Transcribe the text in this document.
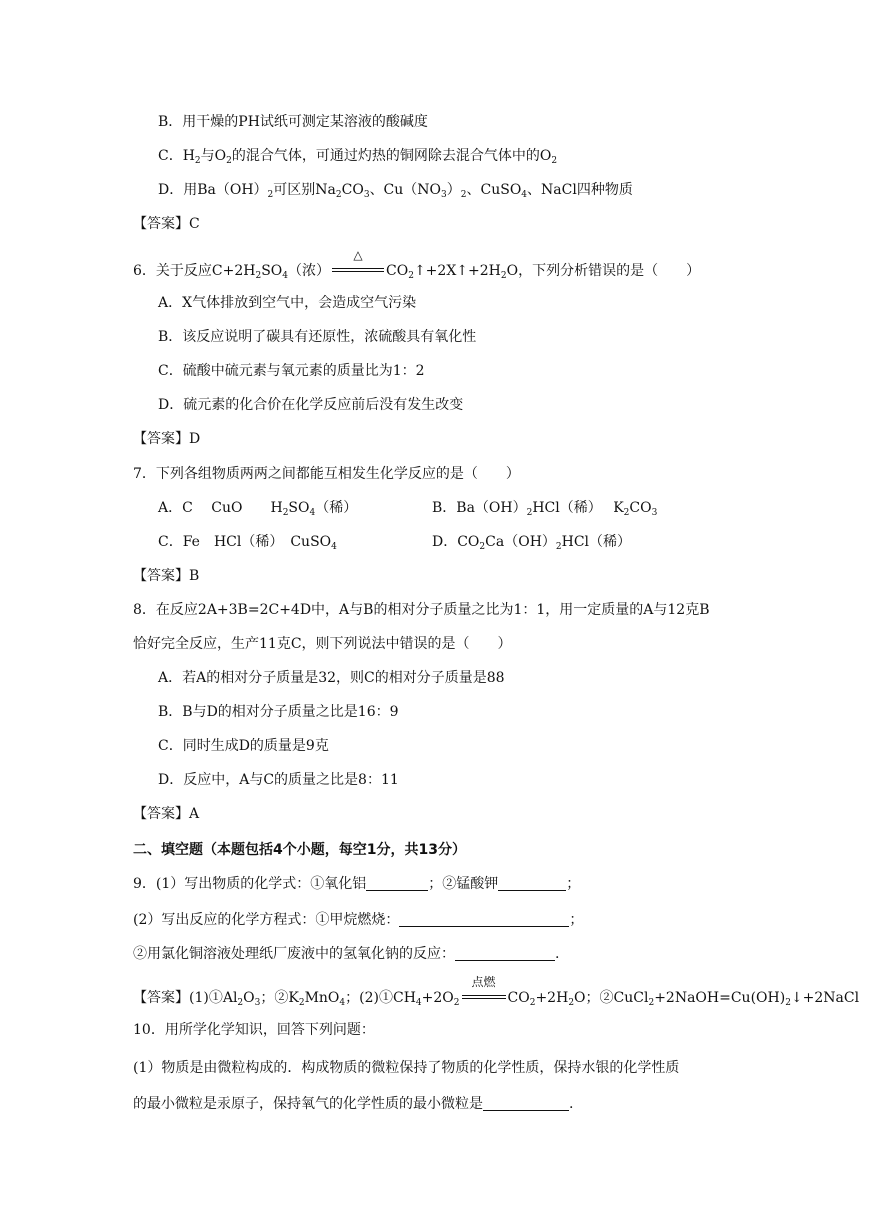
B．用干燥的PH试纸可测定某溶液的酸碱度
C．$H_2$与$O_2$的混合气体，可通过灼热的铜网除去混合气体中的$O_2$
D．用$Ba(OH)_2$可区别$Na_2CO_3$、$Cu(NO_3)_2$、CuSO$_4$、NaCl四种物质
【答案】C
6．关于反应$C+2H_2SO_4$（浓）
△
$CO_2↑+2X↑+2H_2O$，下列分析错误的是（　　）
A．X气体排放到空气中，会造成空气污染
B．该反应说明了碳具有还原性，浓硫酸具有氧化性
C．硫酸中硫元素与氧元素的质量比为1：2
D．硫元素的化合价在化学反应前后没有发生改变
【答案】D
7．下列各组物质两两之间都能互相发生化学反应的是（　　）
A．C　 CuO　　$H_2SO_4$（稀）	B．$Ba(OH)_2HCl$（稀）　 $K_2CO_3$
C．Fe　HCl（稀）　CuSO$_4$	D．$CO_2Ca(OH)_2HCl$（稀）
【答案】B
8．在反应2A+3B=2C+4D中，A与B的相对分子质量之比为1：1，用一定质量的A与12克B
恰好完全反应，生产11克C，则下列说法中错误的是（　　）
A．若A的相对分子质量是32，则C的相对分子质量是88
B．B与D的相对分子质量之比是16：9
C．同时生成D的质量是9克
D．反应中，A与C的质量之比是8：11
【答案】A
二、填空题（本题包括4个小题，每空1分，共13分）
9．(1）写出物质的化学式：①氧化铝	；②锰酸钾	；
(2）写出反应的化学方程式：①甲烷燃烧：	；
②用氯化铜溶液处理纸厂废液中的氢氧化钠的反应：	.
【答案】$(1)①Al_2O_3$；$②K_2MnO_4$；$(2)①CH_4+2O_2$
点燃
$CO_2+2H_2O$；$②CuCl_2+2NaOH=Cu(OH)_2↓+2NaCl$
10．用所学化学知识，回答下列问题：
(1）物质是由微粒构成的．构成物质的微粒保持了物质的化学性质，保持水银的化学性质
的最小微粒是汞原子，保持氧气的化学性质的最小微粒是	.
